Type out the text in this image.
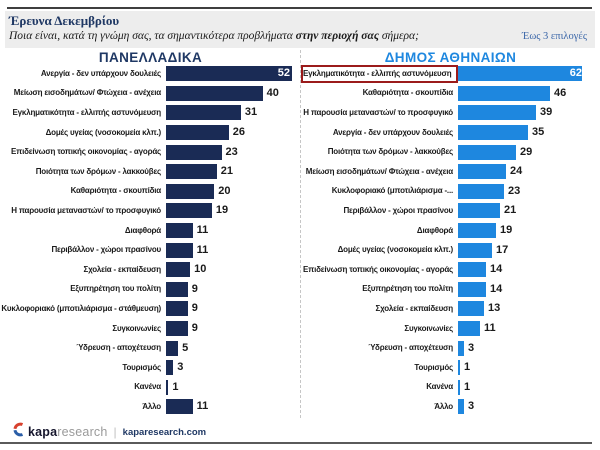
Έρευνα Δεκεμβρίου
Ποια είναι, κατά τη γνώμη σας, τα σημαντικότερα προβλήματα στην περιοχή σας σήμερα;	Έως 3 επιλογές
ΠΑΝΕΛΛΑΔΙΚΑ	ΔΗΜΟΣ ΑΘΗΝΑΙΩΝ
Ανεργία - δεν υπάρχουν δουλειές	52
Μείωση εισοδημάτων/ Φτώχεια - ανέχεια	40
Εγκληματικότητα - ελλιπής αστυνόμευση	31
Δομές υγείας (νοσοκομεία κλπ.)	26
Επιδείνωση τοπικής οικονομίας - αγοράς	23
Ποιότητα των δρόμων - λακκούβες	21
Καθαριότητα - σκουπίδια	20
Η παρουσία μεταναστών/ το προσφυγικό	19
Διαφθορά	11
Περιβάλλον - χώροι πρασίνου	11
Σχολεία - εκπαίδευση	10
Εξυπηρέτηση του πολίτη	9
Κυκλοφοριακό (μποτιλιάρισμα - στάθμευση)	9
Συγκοινωνίες	9
Ύδρευση - αποχέτευση	5
Τουρισμός	3
Κανένα	1
Άλλο	11
Εγκληματικότητα - ελλιπής αστυνόμευση	62
Καθαριότητα - σκουπίδια	46
Η παρουσία μεταναστών/ το προσφυγικό	39
Ανεργία - δεν υπάρχουν δουλειές	35
Ποιότητα των δρόμων - λακκούβες	29
Μείωση εισοδημάτων/ Φτώχεια - ανέχεια	24
Κυκλοφοριακό (μποτιλιάρισμα -...	23
Περιβάλλον - χώροι πρασίνου	21
Διαφθορά	19
Δομές υγείας (νοσοκομεία κλπ.)	17
Επιδείνωση τοπικής οικονομίας - αγοράς	14
Εξυπηρέτηση του πολίτη	14
Σχολεία - εκπαίδευση	13
Συγκοινωνίες	11
Ύδρευση - αποχέτευση	3
Τουρισμός	1
Κανένα	1
Άλλο	3
kapa research | kaparesearch.com
